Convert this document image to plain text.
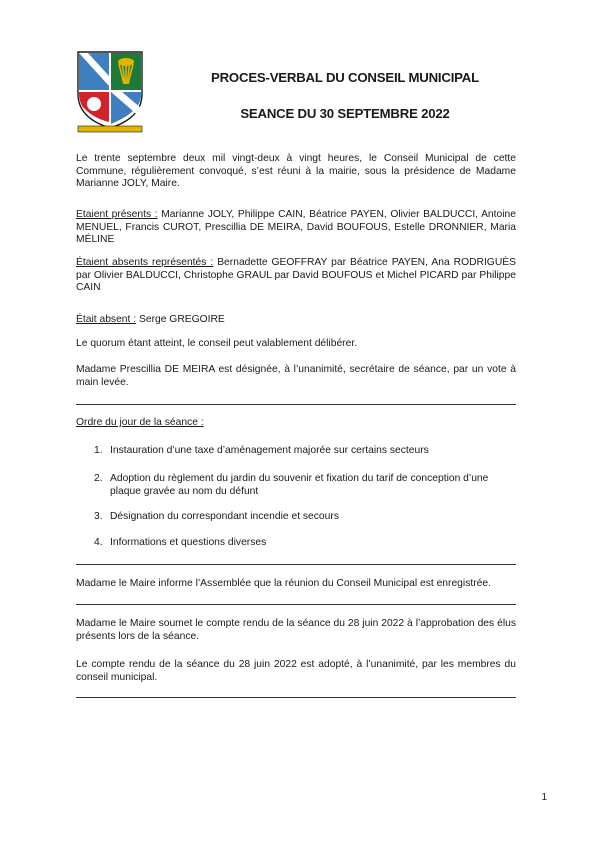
PROCES-VERBAL DU CONSEIL MUNICIPAL
SEANCE DU 30 SEPTEMBRE 2022
Le trente septembre deux mil vingt-deux à vingt heures, le Conseil Municipal de cette Commune, régulièrement convoqué, s’est réuni à la mairie, sous la présidence de Madame Marianne JOLY, Maire.
Etaient présents : Marianne JOLY, Philippe CAIN, Béatrice PAYEN, Olivier BALDUCCI, Antoine MENUEL, Francis CUROT, Prescillia DE MEIRA, David BOUFOUS, Estelle DRONNIER, Maria MÉLINE
Étaient absents représentés : Bernadette GEOFFRAY par Béatrice PAYEN, Ana RODRIGUÈS par Olivier BALDUCCI, Christophe GRAUL par David BOUFOUS et Michel PICARD par Philippe CAIN
Était absent : Serge GREGOIRE
Le quorum étant atteint, le conseil peut valablement délibérer.
Madame Prescillia DE MEIRA est désignée, à l’unanimité, secrétaire de séance, par un vote à main levée.
Ordre du jour de la séance :
1. Instauration d’une taxe d’aménagement majorée sur certains secteurs
2. Adoption du règlement du jardin du souvenir et fixation du tarif de conception d’une plaque gravée au nom du défunt
3. Désignation du correspondant incendie et secours
4. Informations et questions diverses
Madame le Maire informe l’Assemblée que la réunion du Conseil Municipal est enregistrée.
Madame le Maire soumet le compte rendu de la séance du 28 juin 2022 à l’approbation des élus présents lors de la séance.
Le compte rendu de la séance du 28 juin 2022 est adopté, à l’unanimité, par les membres du conseil municipal.
1
